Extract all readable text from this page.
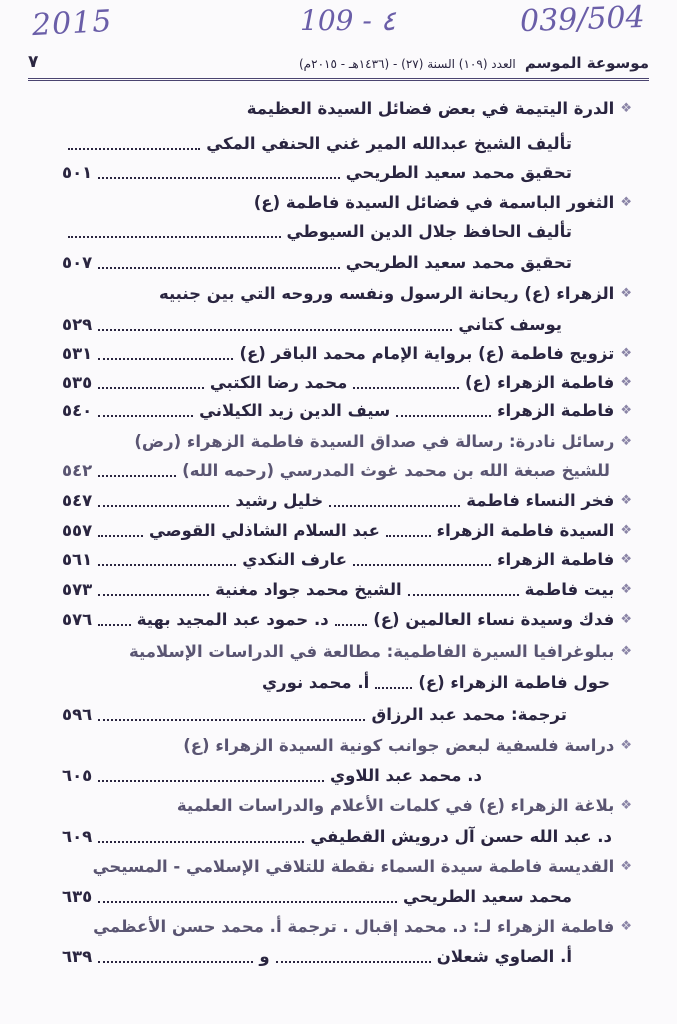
2015	109 - ٤	039/504
موسوعة الموسم العدد (١٠٩) السنة (٢٧) - (١٤٣٦هـ - ٢٠١٥م)
٧
❖
الدرة اليتيمة في بعض فضائل السيدة العظيمة
تأليف الشيخ عبدالله المير غني الحنفي المكي
تحقيق محمد سعيد الطريحي
٥٠١
❖
الثغور الباسمة في فضائل السيدة فاطمة (ع)
تأليف الحافظ جلال الدين السيوطي
تحقيق محمد سعيد الطريحي
٥٠٧
❖
الزهراء (ع) ريحانة الرسول ونفسه وروحه التي بين جنبيه
يوسف كتاني
٥٢٩
❖
تزويج فاطمة (ع) برواية الإمام محمد الباقر (ع)
٥٣١
❖
فاطمة الزهراء (ع)
محمد رضا الكتبي
٥٣٥
❖
فاطمة الزهراء
سيف الدين زيد الكيلاني
٥٤٠
❖
رسائل نادرة: رسالة في صداق السيدة فاطمة الزهراء (رض)
للشيخ صبغة الله بن محمد غوث المدرسي (رحمه الله)
٥٤٢
❖
فخر النساء فاطمة
خليل رشيد
٥٤٧
❖
السيدة فاطمة الزهراء
عبد السلام الشاذلي القوصي
٥٥٧
❖
فاطمة الزهراء
عارف النكدي
٥٦١
❖
بيت فاطمة
الشيخ محمد جواد مغنية
٥٧٣
❖
فدك وسيدة نساء العالمين (ع)
د. حمود عبد المجيد بهية
٥٧٦
❖
ببلوغرافيا السيرة الفاطمية: مطالعة في الدراسات الإسلامية
حول فاطمة الزهراء (ع)
أ. محمد نوري
ترجمة: محمد عبد الرزاق
٥٩٦
❖
دراسة فلسفية لبعض جوانب كونية السيدة الزهراء (ع)
د. محمد عبد اللاوي
٦٠٥
❖
بلاغة الزهراء (ع) في كلمات الأعلام والدراسات العلمية
د. عبد الله حسن آل درويش القطيفي
٦٠٩
❖
القديسة فاطمة سيدة السماء نقطة للتلاقي الإسلامي - المسيحي
محمد سعيد الطريحي
٦٣٥
❖
فاطمة الزهراء لـ: د. محمد إقبال . ترجمة أ. محمد حسن الأعظمي
أ. الصاوي شعلان
و
٦٣٩
